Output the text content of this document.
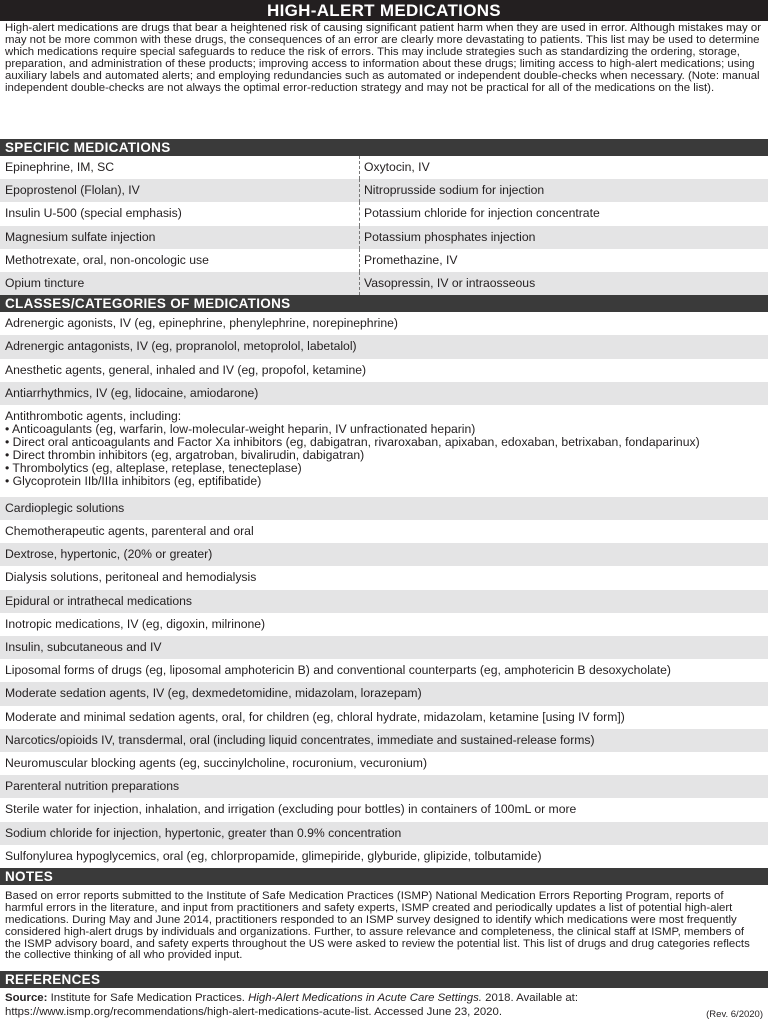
HIGH-ALERT MEDICATIONS
High-alert medications are drugs that bear a heightened risk of causing significant patient harm when they are used in error. Although mistakes may or may not be more common with these drugs, the consequences of an error are clearly more devastating to patients. This list may be used to determine which medications require special safeguards to reduce the risk of errors. This may include strategies such as standardizing the ordering, storage, preparation, and administration of these products; improving access to information about these drugs; limiting access to high-alert medications; using auxiliary labels and automated alerts; and employing redundancies such as automated or independent double-checks when necessary. (Note: manual independent double-checks are not always the optimal error-reduction strategy and may not be practical for all of the medications on the list).
SPECIFIC MEDICATIONS
Epinephrine, IM, SC	Oxytocin, IV
Epoprostenol (Flolan), IV	Nitroprusside sodium for injection
Insulin U-500 (special emphasis)	Potassium chloride for injection concentrate
Magnesium sulfate injection	Potassium phosphates injection
Methotrexate, oral, non-oncologic use	Promethazine, IV
Opium tincture	Vasopressin, IV or intraosseous
CLASSES/CATEGORIES OF MEDICATIONS
Adrenergic agonists, IV (eg, epinephrine, phenylephrine, norepinephrine)
Adrenergic antagonists, IV (eg, propranolol, metoprolol, labetalol)
Anesthetic agents, general, inhaled and IV (eg, propofol, ketamine)
Antiarrhythmics, IV (eg, lidocaine, amiodarone)
Antithrombotic agents, including:
• Anticoagulants (eg, warfarin, low-molecular-weight heparin, IV unfractionated heparin)
• Direct oral anticoagulants and Factor Xa inhibitors (eg, dabigatran, rivaroxaban, apixaban, edoxaban, betrixaban, fondaparinux)
• Direct thrombin inhibitors (eg, argatroban, bivalirudin, dabigatran)
• Thrombolytics (eg, alteplase, reteplase, tenecteplase)
• Glycoprotein IIb/IIIa inhibitors (eg, eptifibatide)
Cardioplegic solutions
Chemotherapeutic agents, parenteral and oral
Dextrose, hypertonic, (20% or greater)
Dialysis solutions, peritoneal and hemodialysis
Epidural or intrathecal medications
Inotropic medications, IV (eg, digoxin, milrinone)
Insulin, subcutaneous and IV
Liposomal forms of drugs (eg, liposomal amphotericin B) and conventional counterparts (eg, amphotericin B desoxycholate)
Moderate sedation agents, IV (eg, dexmedetomidine, midazolam, lorazepam)
Moderate and minimal sedation agents, oral, for children (eg, chloral hydrate, midazolam, ketamine [using IV form])
Narcotics/opioids IV, transdermal, oral (including liquid concentrates, immediate and sustained-release forms)
Neuromuscular blocking agents (eg, succinylcholine, rocuronium, vecuronium)
Parenteral nutrition preparations
Sterile water for injection, inhalation, and irrigation (excluding pour bottles) in containers of 100mL or more
Sodium chloride for injection, hypertonic, greater than 0.9% concentration
Sulfonylurea hypoglycemics, oral (eg, chlorpropamide, glimepiride, glyburide, glipizide, tolbutamide)
NOTES
Based on error reports submitted to the Institute of Safe Medication Practices (ISMP) National Medication Errors Reporting Program, reports of harmful errors in the literature, and input from practitioners and safety experts, ISMP created and periodically updates a list of potential high-alert medications. During May and June 2014, practitioners responded to an ISMP survey designed to identify which medications were most frequently considered high-alert drugs by individuals and organizations. Further, to assure relevance and completeness, the clinical staff at ISMP, members of the ISMP advisory board, and safety experts throughout the US were asked to review the potential list. This list of drugs and drug categories reflects the collective thinking of all who provided input.
REFERENCES
Source: Institute for Safe Medication Practices. High-Alert Medications in Acute Care Settings. 2018. Available at: https://www.ismp.org/recommendations/high-alert-medications-acute-list. Accessed June 23, 2020.	(Rev. 6/2020)
